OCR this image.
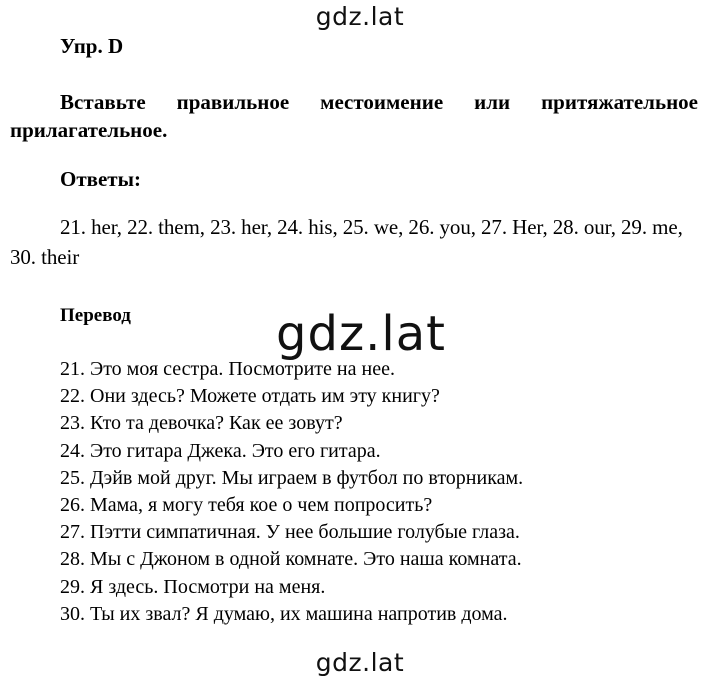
gdz.lat
Упр. D
Вставьте правильное местоимение или притяжательное прилагательное.
Ответы:
21. her, 22. them, 23. her, 24. his, 25. we, 26. you, 27. Her, 28. our, 29. me, 30. their
Перевод	gdz.lat
21. Это моя сестра. Посмотрите на нее.
22. Они здесь? Можете отдать им эту книгу?
23. Кто та девочка? Как ее зовут?
24. Это гитара Джека. Это его гитара.
25. Дэйв мой друг. Мы играем в футбол по вторникам.
26. Мама, я могу тебя кое о чем попросить?
27. Пэтти симпатичная. У нее большие голубые глаза.
28. Мы с Джоном в одной комнате. Это наша комната.
29. Я здесь. Посмотри на меня.
30. Ты их звал? Я думаю, их машина напротив дома.
gdz.lat
